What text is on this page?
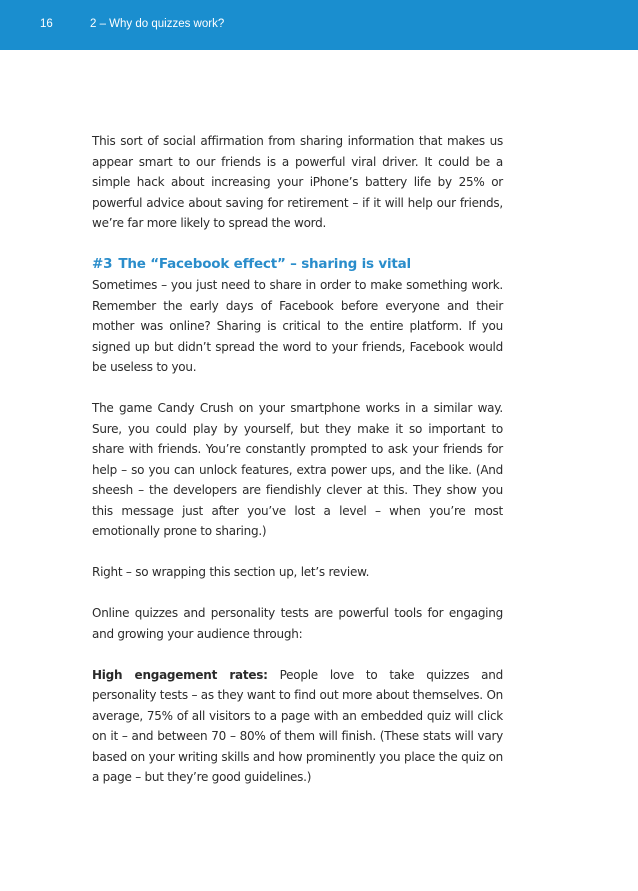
16	2 – Why do quizzes work?

This sort of social affirmation from sharing information that makes us appear smart to our friends is a powerful viral driver. It could be a simple hack about increasing your iPhone’s battery life by 25% or powerful advice about saving for retirement – if it will help our friends, we’re far more likely to spread the word.

#3 The “Facebook effect” – sharing is vital

Sometimes – you just need to share in order to make something work. Remember the early days of Facebook before everyone and their mother was online? Sharing is critical to the entire platform. If you signed up but didn’t spread the word to your friends, Facebook would be useless to you.

The game Candy Crush on your smartphone works in a similar way. Sure, you could play by yourself, but they make it so important to share with friends. You’re constantly prompted to ask your friends for help – so you can unlock features, extra power ups, and the like. (And sheesh – the developers are fiendishly clever at this. They show you this message just after you’ve lost a level – when you’re most emotionally prone to sharing.)

Right – so wrapping this section up, let’s review.

Online quizzes and personality tests are powerful tools for engaging and growing your audience through:

High engagement rates: People love to take quizzes and personality tests – as they want to find out more about themselves. On average, 75% of all visitors to a page with an embedded quiz will click on it – and between 70 – 80% of them will finish. (These stats will vary based on your writing skills and how prominently you place the quiz on a page – but they’re good guidelines.)
